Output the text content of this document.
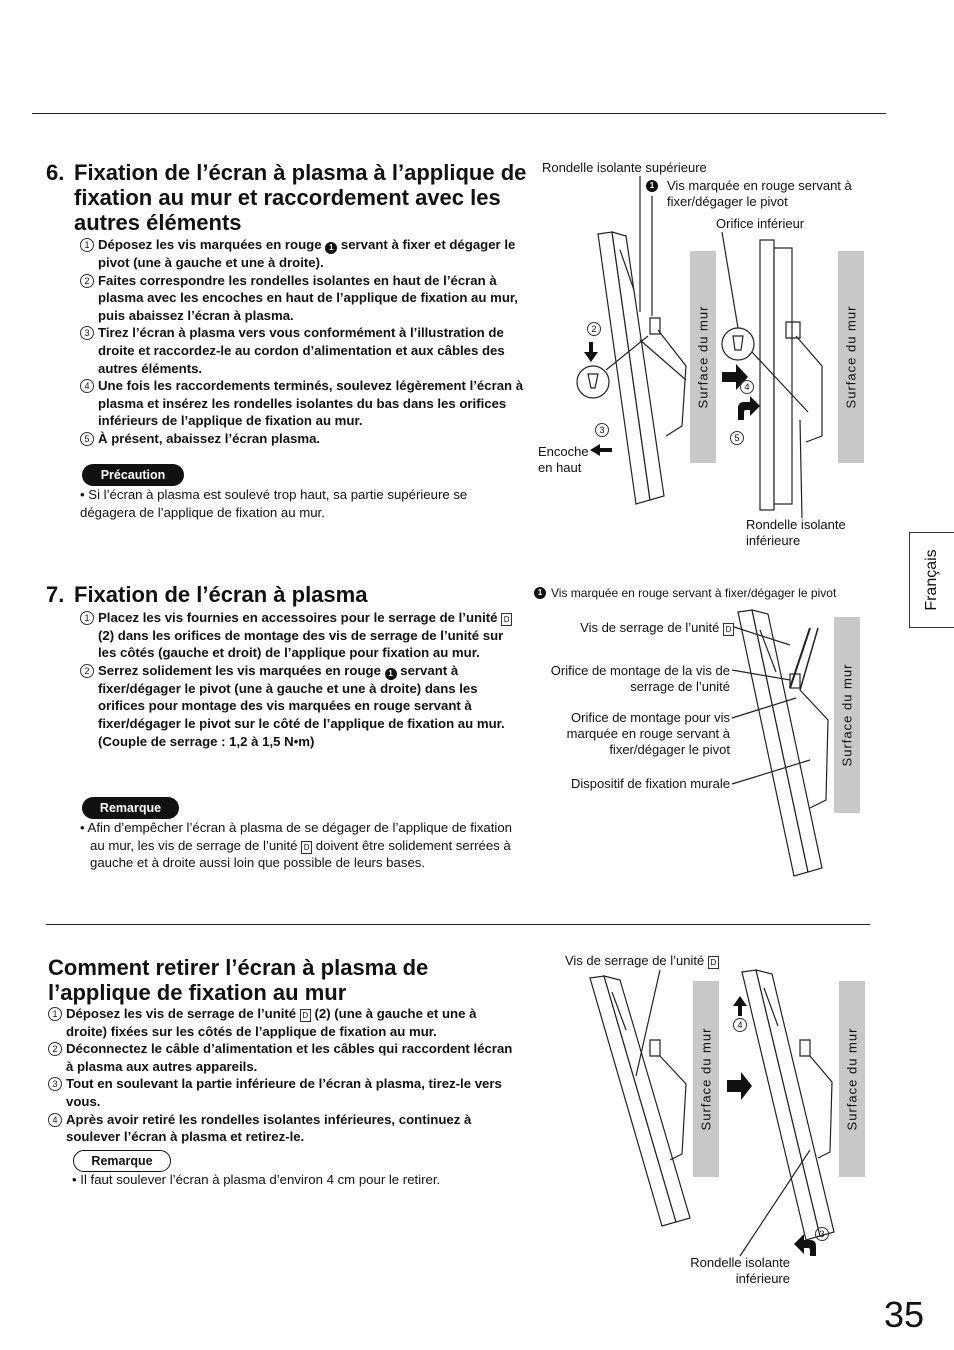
6. Fixation de l’écran à plasma à l’applique de fixation au mur et raccordement avec les autres éléments
1 Déposez les vis marquées en rouge 1 servant à fixer et dégager le pivot (une à gauche et une à droite).
2 Faites correspondre les rondelles isolantes en haut de l’écran à plasma avec les encoches en haut de l’applique de fixation au mur, puis abaissez l’écran à plasma.
3 Tirez l’écran à plasma vers vous conformément à l’illustration de droite et raccordez-le au cordon d’alimentation et aux câbles des autres éléments.
4 Une fois les raccordements terminés, soulevez légèrement l’écran à plasma et insérez les rondelles isolantes du bas dans les orifices inférieurs de l’applique de fixation au mur.
5 À présent, abaissez l’écran plasma.
Précaution
• Si l’écran à plasma est soulevé trop haut, sa partie supérieure se dégagera de l’applique de fixation au mur.
Rondelle isolante supérieure
1 Vis marquée en rouge servant à fixer/dégager le pivot
Orifice inférieur
Encoche en haut
Rondelle isolante inférieure
Surface du mur	Surface du mur
2
3
4
5
Français
7. Fixation de l’écran à plasma
1 Placez les vis fournies en accessoires pour le serrage de l’unité D (2) dans les orifices de montage des vis de serrage de l’unité sur les côtés (gauche et droit) de l’applique pour fixation au mur.
2 Serrez solidement les vis marquées en rouge 1 servant à fixer/dégager le pivot (une à gauche et une à droite) dans les orifices pour montage des vis marquées en rouge servant à fixer/dégager le pivot sur le côté de l’applique de fixation au mur.
(Couple de serrage : 1,2 à 1,5 N•m)
Remarque
• Afin d’empêcher l’écran à plasma de se dégager de l’applique de fixation au mur, les vis de serrage de l’unité D doivent être solidement serrées à gauche et à droite aussi loin que possible de leurs bases.
1 Vis marquée en rouge servant à fixer/dégager le pivot
Vis de serrage de l’unité D
Orifice de montage de la vis de serrage de l’unité
Orifice de montage pour vis marquée en rouge servant à fixer/dégager le pivot
Dispositif de fixation murale
Surface du mur
Comment retirer l’écran à plasma de l’applique de fixation au mur
1 Déposez les vis de serrage de l’unité D (2) (une à gauche et une à droite) fixées sur les côtés de l’applique de fixation au mur.
2 Déconnectez le câble d’alimentation et les câbles qui raccordent lécran à plasma aux autres appareils.
3 Tout en soulevant la partie inférieure de l’écran à plasma, tirez-le vers vous.
4 Après avoir retiré les rondelles isolantes inférieures, continuez à soulever l’écran à plasma et retirez-le.
Remarque
• Il faut soulever l’écran à plasma d’environ 4 cm pour le retirer.
Vis de serrage de l’unité D
Rondelle isolante inférieure
Surface du mur	Surface du mur
4
3
35
